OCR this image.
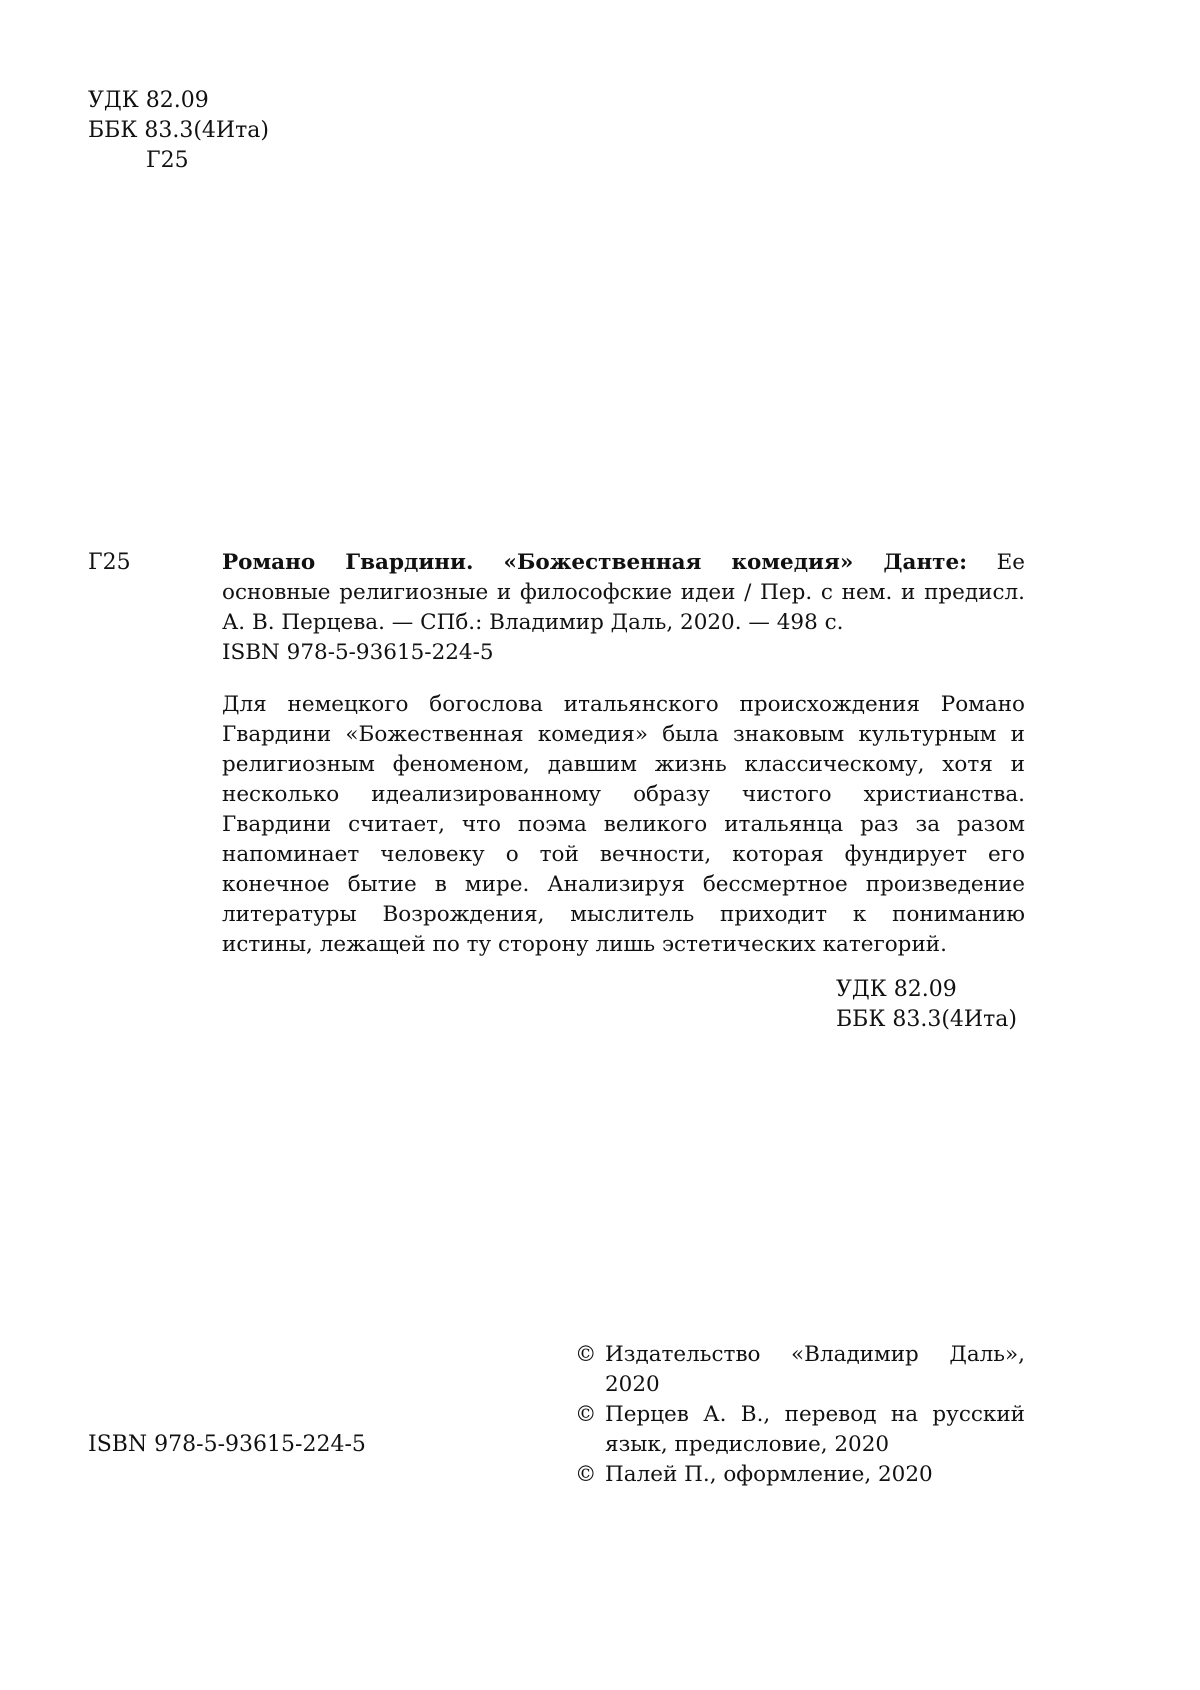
УДК 82.09
ББК 83.3(4Ита)
Г25
Г25	Романо Гвардини. «Божественная комедия» Данте: Ее основные религиозные и философские идеи / Пер. с нем. и предисл. А. В. Перцева. — СПб.: Владимир Даль, 2020. — 498 с.
ISBN 978-5-93615-224-5
Для немецкого богослова итальянского происхождения Романо Гвардини «Божественная комедия» была знаковым культурным и религиозным феноменом, давшим жизнь классическому, хотя и несколько идеализированному образу чистого христианства. Гвардини считает, что поэма великого итальянца раз за разом напоминает человеку о той вечности, которая фундирует его конечное бытие в мире. Анализируя бессмертное произведение литературы Возрождения, мыслитель приходит к пониманию истины, лежащей по ту сторону лишь эстетических категорий.
УДК 82.09
ББК 83.3(4Ита)
© Издательство «Владимир Даль», 2020
© Перцев А. В., перевод на русский язык, предисловие, 2020
© Палей П., оформление, 2020
ISBN 978-5-93615-224-5
